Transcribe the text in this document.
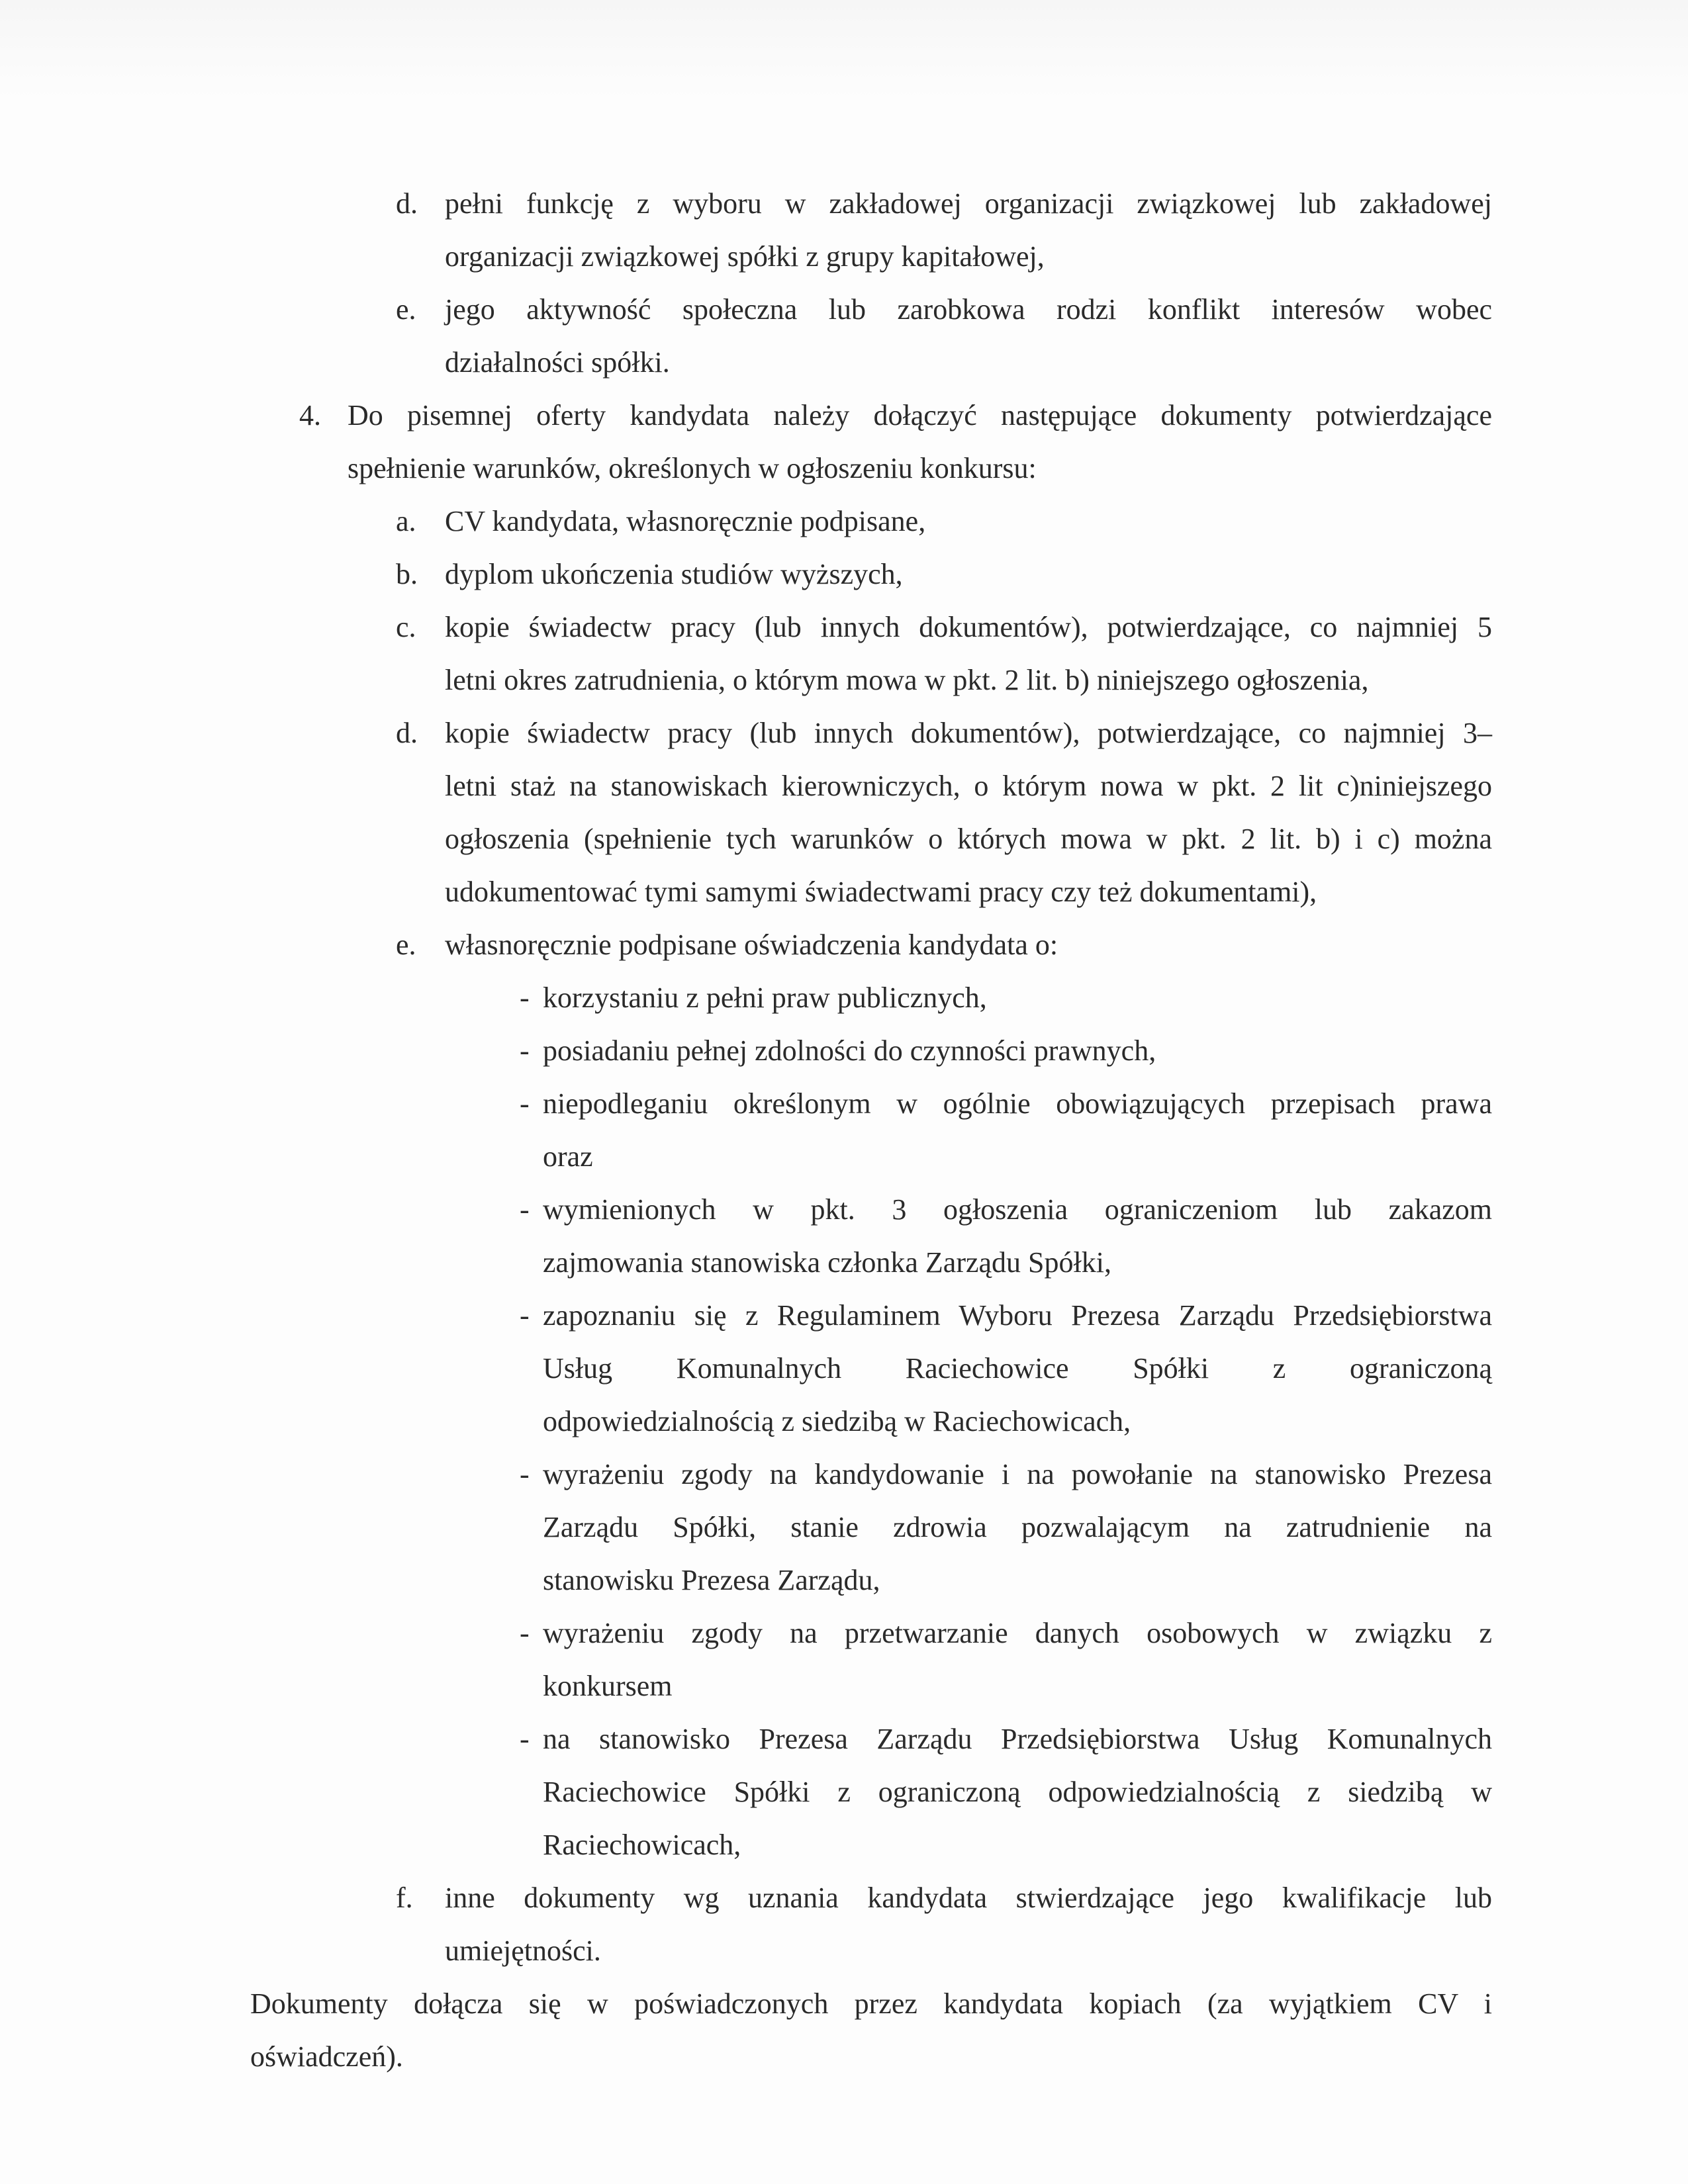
d. pełni funkcję z wyboru w zakładowej organizacji związkowej lub zakładowej
organizacji związkowej spółki z grupy kapitałowej,
e. jego aktywność społeczna lub zarobkowa rodzi konflikt interesów wobec
działalności spółki.
4. Do pisemnej oferty kandydata należy dołączyć następujące dokumenty potwierdzające
spełnienie warunków, określonych w ogłoszeniu konkursu:
a. CV kandydata, własnoręcznie podpisane,
b. dyplom ukończenia studiów wyższych,
c. kopie świadectw pracy (lub innych dokumentów), potwierdzające, co najmniej 5
letni okres zatrudnienia, o którym mowa w pkt. 2 lit. b) niniejszego ogłoszenia,
d. kopie świadectw pracy (lub innych dokumentów), potwierdzające, co najmniej 3–
letni staż na stanowiskach kierowniczych, o którym nowa w pkt. 2 lit c)niniejszego
ogłoszenia (spełnienie tych warunków o których mowa w pkt. 2 lit. b) i c) można
udokumentować tymi samymi świadectwami pracy czy też dokumentami),
e. własnoręcznie podpisane oświadczenia kandydata o:
- korzystaniu z pełni praw publicznych,
- posiadaniu pełnej zdolności do czynności prawnych,
- niepodleganiu określonym w ogólnie obowiązujących przepisach prawa
oraz
- wymienionych w pkt. 3 ogłoszenia ograniczeniom lub zakazom
zajmowania stanowiska członka Zarządu Spółki,
- zapoznaniu się z Regulaminem Wyboru Prezesa Zarządu Przedsiębiorstwa
Usług Komunalnych Raciechowice Spółki z ograniczoną
odpowiedzialnością z siedzibą w Raciechowicach,
- wyrażeniu zgody na kandydowanie i na powołanie na stanowisko Prezesa
Zarządu Spółki, stanie zdrowia pozwalającym na zatrudnienie na
stanowisku Prezesa Zarządu,
- wyrażeniu zgody na przetwarzanie danych osobowych w związku z
konkursem
- na stanowisko Prezesa Zarządu Przedsiębiorstwa Usług Komunalnych
Raciechowice Spółki z ograniczoną odpowiedzialnością z siedzibą w
Raciechowicach,
f. inne dokumenty wg uznania kandydata stwierdzające jego kwalifikacje lub
umiejętności.
Dokumenty dołącza się w poświadczonych przez kandydata kopiach (za wyjątkiem CV i
oświadczeń).
